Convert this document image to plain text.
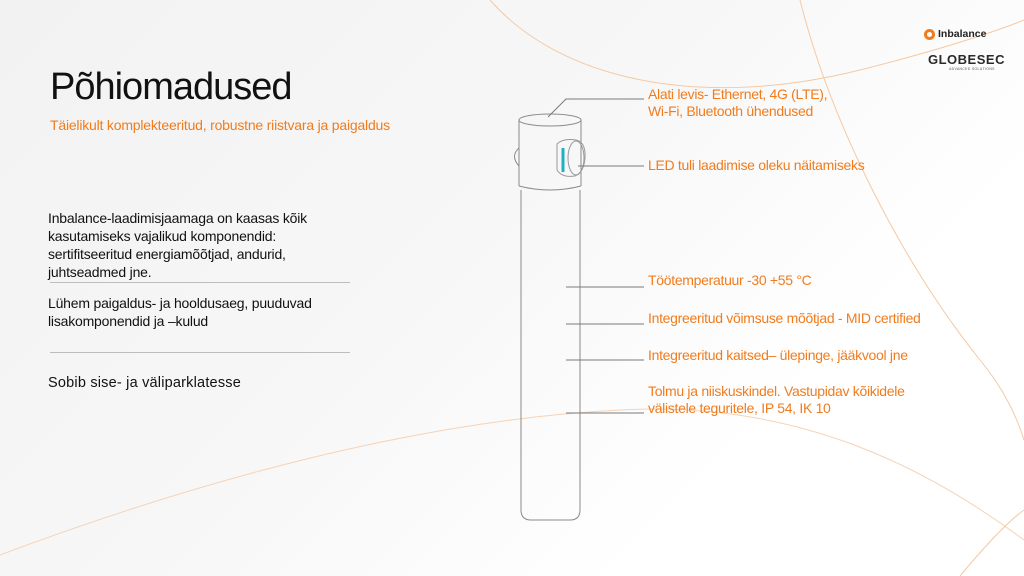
Inbalance
GLOBESEC
ADVANCED SOLUTIONS
Põhiomadused
Täielikult komplekteeritud, robustne riistvara ja paigaldus
Inbalance-laadimisjaamaga on kaasas kõik kasutamiseks vajalikud komponendid: sertifitseeritud energiamõõtjad, andurid, juhtseadmed jne.
Lühem paigaldus- ja hooldusaeg, puuduvad lisakomponendid ja –kulud
Sobib sise- ja väliparklatesse
Alati levis- Ethernet, 4G (LTE),
Wi-Fi, Bluetooth ühendused
LED tuli laadimise oleku näitamiseks
Töötemperatuur -30 +55 °C
Integreeritud võimsuse mõõtjad - MID certified
Integreeritud kaitsed– ülepinge, jääkvool jne
Tolmu ja niiskuskindel. Vastupidav kõikidele
välistele teguritele, IP 54, IK 10
